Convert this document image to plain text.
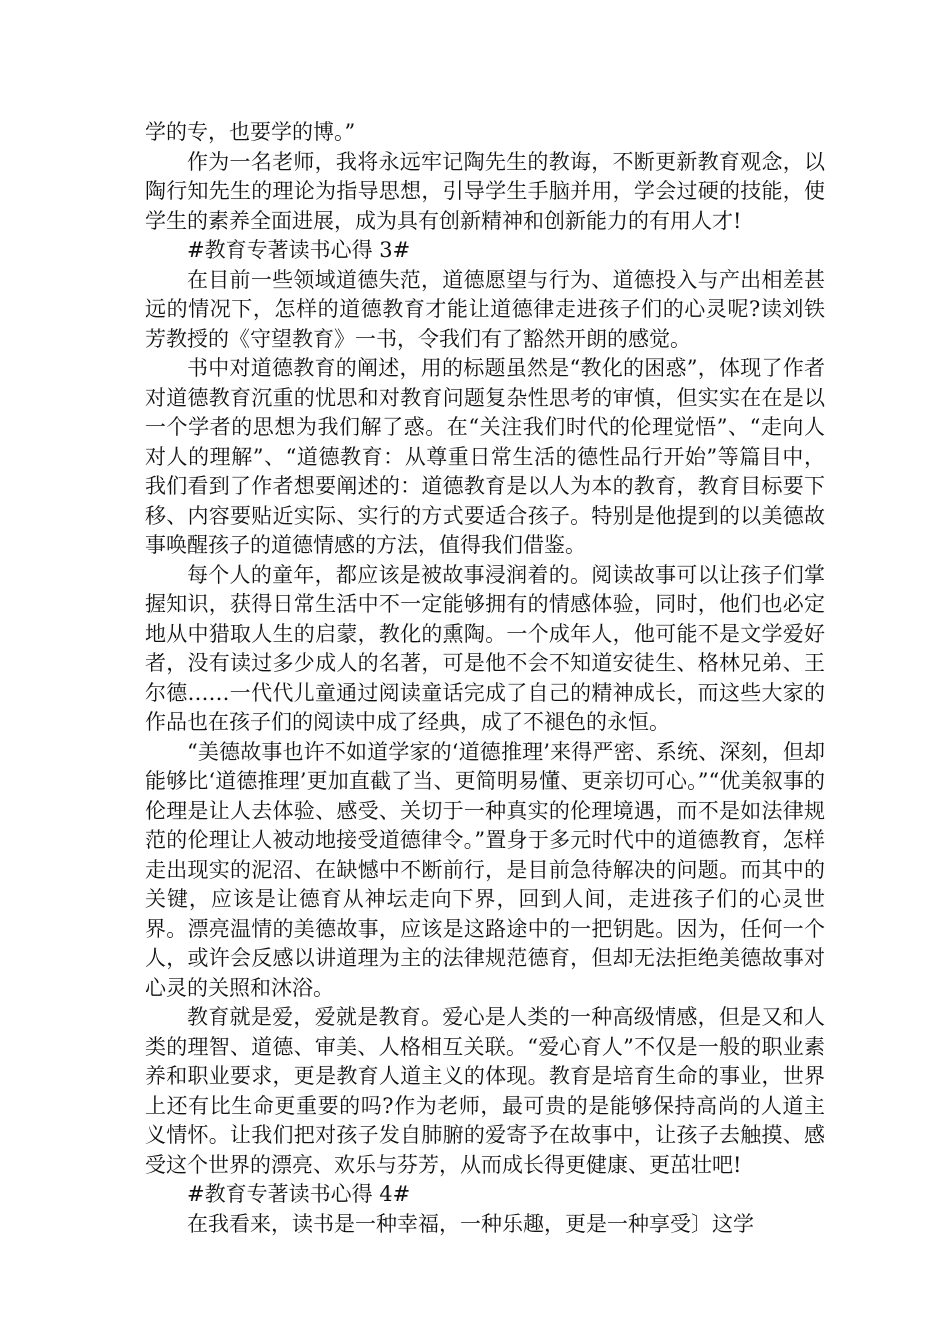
学的专，也要学的博。”

作为一名老师，我将永远牢记陶先生的教诲，不断更新教育观念，以陶行知先生的理论为指导思想，引导学生手脑并用，学会过硬的技能，使学生的素养全面进展，成为具有创新精神和创新能力的有用人才!

#教育专著读书心得 3#

在目前一些领域道德失范，道德愿望与行为、道德投入与产出相差甚远的情况下，怎样的道德教育才能让道德律走进孩子们的心灵呢?读刘铁芳教授的《守望教育》一书，令我们有了豁然开朗的感觉。

书中对道德教育的阐述，用的标题虽然是“教化的困惑”，体现了作者对道德教育沉重的忧思和对教育问题复杂性思考的审慎，但实实在在是以一个学者的思想为我们解了惑。在“关注我们时代的伦理觉悟”、“走向人对人的理解”、“道德教育：从尊重日常生活的德性品行开始”等篇目中，我们看到了作者想要阐述的：道德教育是以人为本的教育，教育目标要下移、内容要贴近实际、实行的方式要适合孩子。特别是他提到的以美德故事唤醒孩子的道德情感的方法，值得我们借鉴。

每个人的童年，都应该是被故事浸润着的。阅读故事可以让孩子们掌握知识，获得日常生活中不一定能够拥有的情感体验，同时，他们也必定地从中猎取人生的启蒙，教化的熏陶。一个成年人，他可能不是文学爱好者，没有读过多少成人的名著，可是他不会不知道安徒生、格林兄弟、王尔德……一代代儿童通过阅读童话完成了自己的精神成长，而这些大家的作品也在孩子们的阅读中成了经典，成了不褪色的永恒。

“美德故事也许不如道学家的‘道德推理’来得严密、系统、深刻，但却能够比‘道德推理’更加直截了当、更简明易懂、更亲切可心。”“优美叙事的伦理是让人去体验、感受、关切于一种真实的伦理境遇，而不是如法律规范的伦理让人被动地接受道德律令。”置身于多元时代中的道德教育，怎样走出现实的泥沼、在缺憾中不断前行，是目前急待解决的问题。而其中的关键，应该是让德育从神坛走向下界，回到人间，走进孩子们的心灵世界。漂亮温情的美德故事，应该是这路途中的一把钥匙。因为，任何一个人，或许会反感以讲道理为主的法律规范德育，但却无法拒绝美德故事对心灵的关照和沐浴。

教育就是爱，爱就是教育。爱心是人类的一种高级情感，但是又和人类的理智、道德、审美、人格相互关联。“爱心育人”不仅是一般的职业素养和职业要求，更是教育人道主义的体现。教育是培育生命的事业，世界上还有比生命更重要的吗?作为老师，最可贵的是能够保持高尚的人道主义情怀。让我们把对孩子发自肺腑的爱寄予在故事中，让孩子去触摸、感受这个世界的漂亮、欢乐与芬芳，从而成长得更健康、更茁壮吧!

#教育专著读书心得 4#

在我看来，读书是一种幸福，一种乐趣，更是一种享受〕这学
